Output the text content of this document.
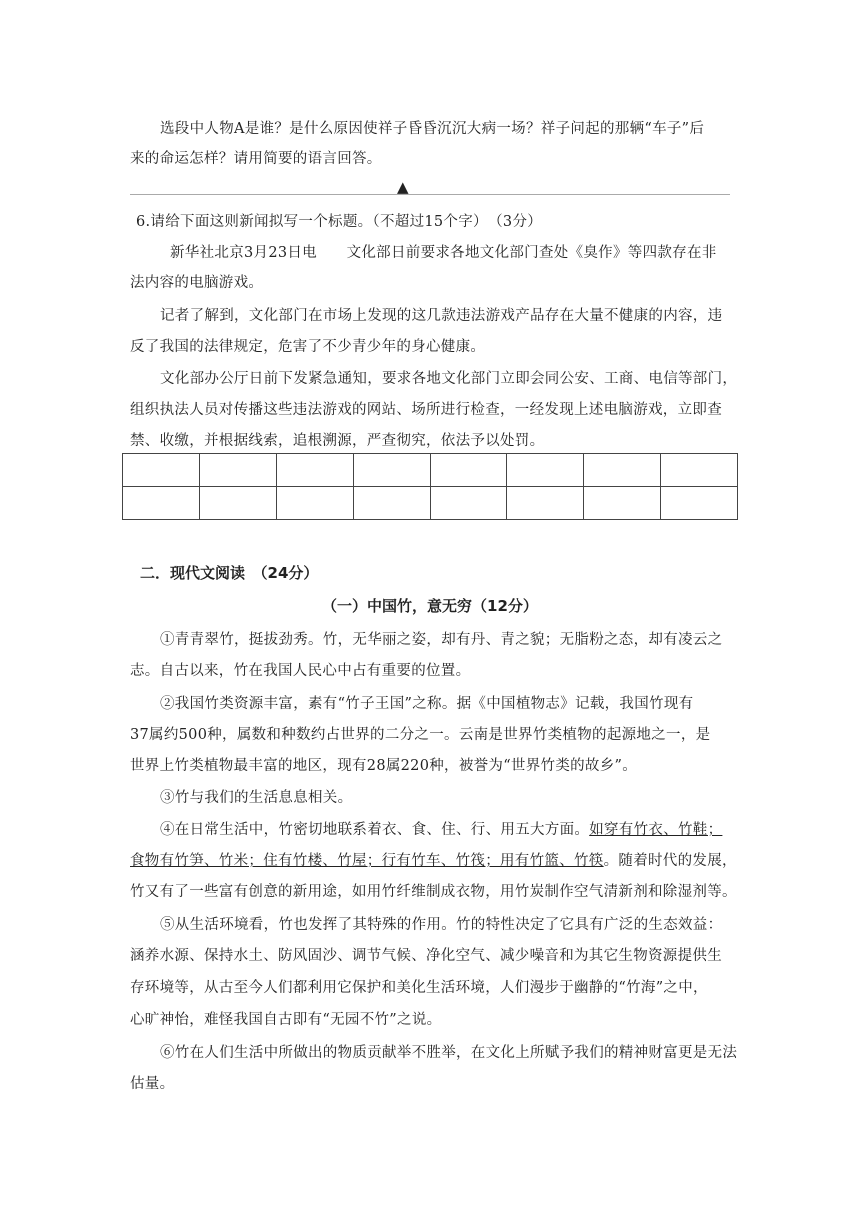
选段中人物A是谁？是什么原因使祥子昏昏沉沉大病一场？祥子问起的那辆“车子”后
来的命运怎样？请用简要的语言回答。
▲
6.请给下面这则新闻拟写一个标题。（不超过15个字）　（3分）
新华社北京3月23日电　　文化部日前要求各地文化部门查处《臭作》等四款存在非
法内容的电脑游戏。
记者了解到，文化部门在市场上发现的这几款违法游戏产品存在大量不健康的内容，违
反了我国的法律规定，危害了不少青少年的身心健康。
文化部办公厅日前下发紧急通知，要求各地文化部门立即会同公安、工商、电信等部门，
组织执法人员对传播这些违法游戏的网站、场所进行检查，一经发现上述电脑游戏，立即查
禁、收缴，并根据线索，追根溯源，严查彻究，依法予以处罚。

二．现代文阅读　（24分）
（一）中国竹，意无穷（12分）
①青青翠竹，挺拔劲秀。竹，无华丽之姿，却有丹、青之貌；无脂粉之态，却有凌云之
志。自古以来，竹在我国人民心中占有重要的位置。
②我国竹类资源丰富，素有“竹子王国”之称。据《中国植物志》记载，我国竹现有
37属约500种，属数和种数约占世界的二分之一。云南是世界竹类植物的起源地之一，是
世界上竹类植物最丰富的地区，现有28属220种，被誉为“世界竹类的故乡”。
③竹与我们的生活息息相关。
④在日常生活中，竹密切地联系着衣、食、住、行、用五大方面。如穿有竹衣、竹鞋；
食物有竹笋、竹米；住有竹楼、竹屋；行有竹车、竹筏；用有竹篮、竹筷。随着时代的发展，
竹又有了一些富有创意的新用途，如用竹纤维制成衣物，用竹炭制作空气清新剂和除湿剂等。
⑤从生活环境看，竹也发挥了其特殊的作用。竹的特性决定了它具有广泛的生态效益：
涵养水源、保持水土、防风固沙、调节气候、净化空气、减少噪音和为其它生物资源提供生
存环境等，从古至今人们都利用它保护和美化生活环境，人们漫步于幽静的“竹海”之中，
心旷神怡，难怪我国自古即有“无园不竹”之说。
⑥竹在人们生活中所做出的物质贡献举不胜举，在文化上所赋予我们的精神财富更是无法
估量。
